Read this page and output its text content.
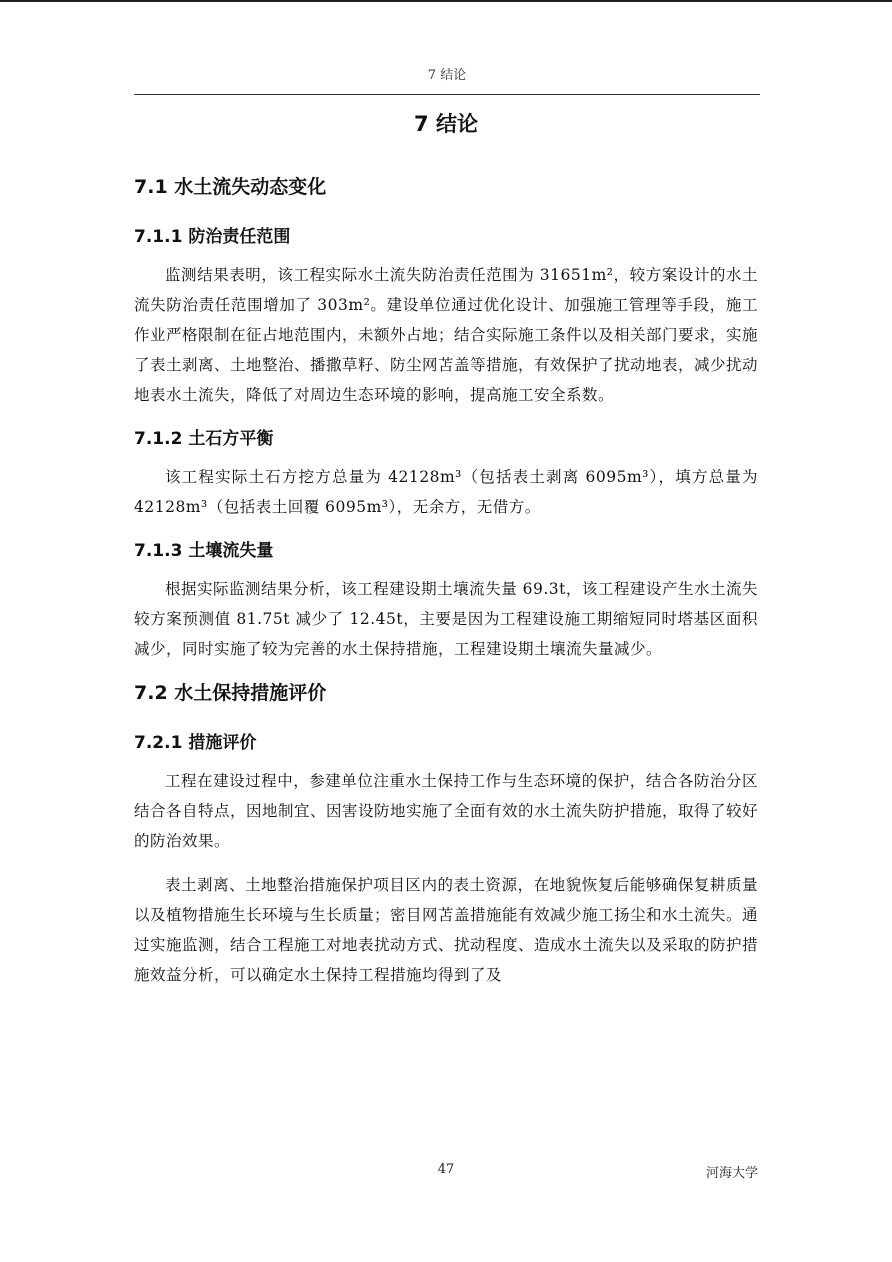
7 结论
7 结论
7.1 水土流失动态变化
7.1.1 防治责任范围

监测结果表明，该工程实际水土流失防治责任范围为 31651m²，较方案设计的水土流失防治责任范围增加了 303m²。建设单位通过优化设计、加强施工管理等手段，施工作业严格限制在征占地范围内，未额外占地；结合实际施工条件以及相关部门要求，实施了表土剥离、土地整治、播撒草籽、防尘网苫盖等措施，有效保护了扰动地表，减少扰动地表水土流失，降低了对周边生态环境的影响，提高施工安全系数。

7.1.2 土石方平衡

该工程实际土石方挖方总量为 42128m³（包括表土剥离 6095m³），填方总量为 42128m³（包括表土回覆 6095m³），无余方，无借方。

7.1.3 土壤流失量

根据实际监测结果分析，该工程建设期土壤流失量 69.3t，该工程建设产生水土流失较方案预测值 81.75t 减少了 12.45t，主要是因为工程建设施工期缩短同时塔基区面积减少，同时实施了较为完善的水土保持措施，工程建设期土壤流失量减少。

7.2 水土保持措施评价
7.2.1 措施评价

工程在建设过程中，参建单位注重水土保持工作与生态环境的保护，结合各防治分区结合各自特点，因地制宜、因害设防地实施了全面有效的水土流失防护措施，取得了较好的防治效果。

表土剥离、土地整治措施保护项目区内的表土资源，在地貌恢复后能够确保复耕质量以及植物措施生长环境与生长质量；密目网苫盖措施能有效减少施工扬尘和水土流失。通过实施监测，结合工程施工对地表扰动方式、扰动程度、造成水土流失以及采取的防护措施效益分析，可以确定水土保持工程措施均得到了及

47	河海大学
